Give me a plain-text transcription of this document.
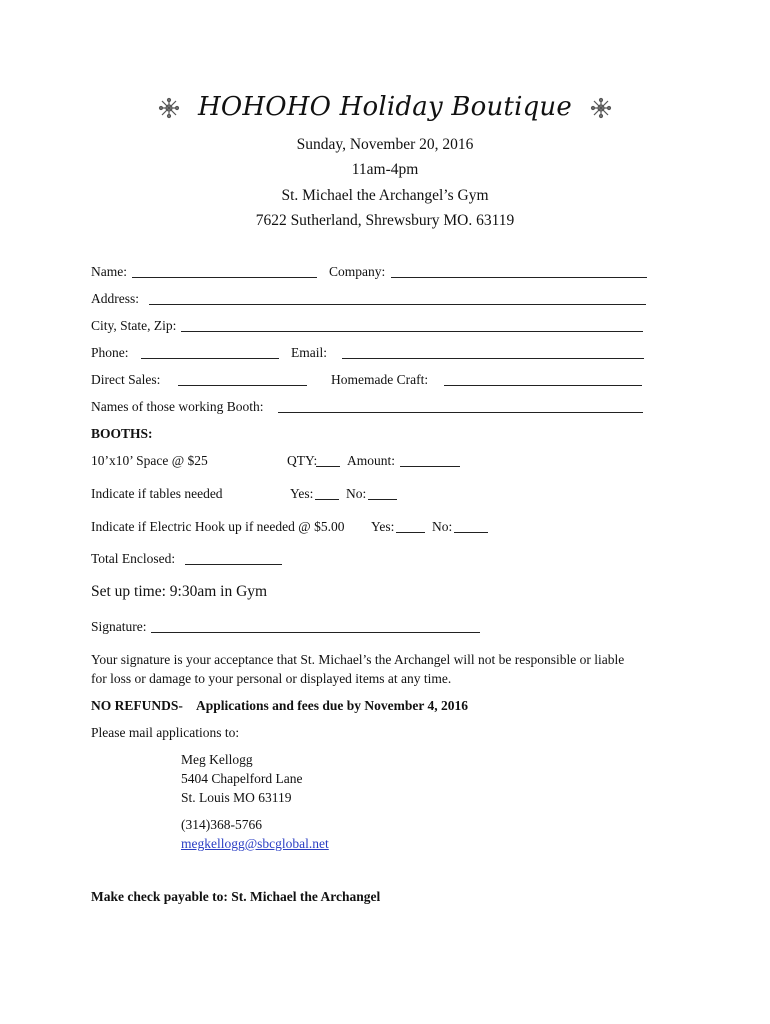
HOHOHO Holiday Boutique
Sunday, November 20, 2016
11am-4pm
St. Michael the Archangel’s Gym
7622 Sutherland, Shrewsbury MO. 63119
Name:	Company:
Address:
City, State, Zip:
Phone:	Email:
Direct Sales:	Homemade Craft:
Names of those working Booth:
BOOTHS:
10’x10’ Space @ $25	QTY: Amount:
Indicate if tables needed	Yes: No:
Indicate if Electric Hook up if needed @ $5.00 Yes:	No:
Total Enclosed:
Set up time: 9:30am in Gym
Signature:
Your signature is your acceptance that St. Michael’s the Archangel will not be responsible or liable
for loss or damage to your personal or displayed items at any time.
NO REFUNDS- Applications and fees due by November 4, 2016
Please mail applications to:
Meg Kellogg
5404 Chapelford Lane
St. Louis MO 63119
(314)368-5766
megkellogg@sbcglobal.net
Make check payable to: St. Michael the Archangel
